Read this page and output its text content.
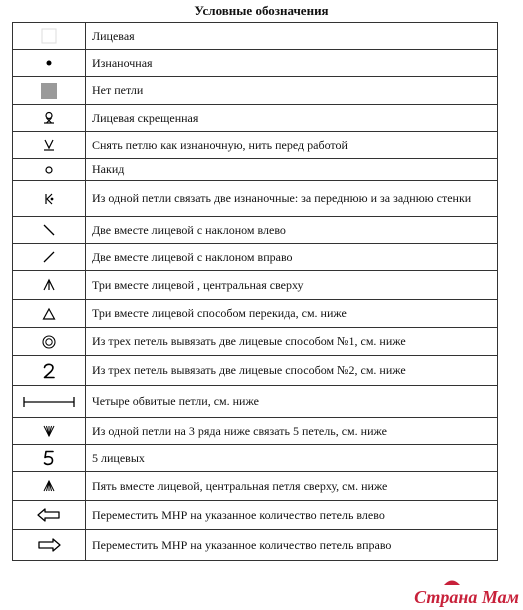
Условные обозначения
	Лицевая

	Изнаночная

	Нет петли

	Лицевая скрещенная

	Снять петлю как изнаночную, нить перед работой

	Накид

	Из одной петли связать две изнаночные: за переднюю и за заднюю стенки

	Две вместе лицевой с наклоном влево

	Две вместе лицевой с наклоном вправо

	Три вместе лицевой , центральная сверху

	Три вместе лицевой способом перекида, см. ниже

	Из трех петель вывязать две лицевые способом №1, см. ниже

	Из трех петель вывязать две лицевые способом №2, см. ниже

	Четыре обвитые петли, см. ниже

	Из одной петли на 3 ряда ниже связать 5 петель, см. ниже

	5 лицевых

	Пять вместе лицевой, центральная петля сверху, см. ниже

	Переместить МНР на указанное количество петель влево

	Переместить МНР на указанное количество петель вправо
Страна Мам
